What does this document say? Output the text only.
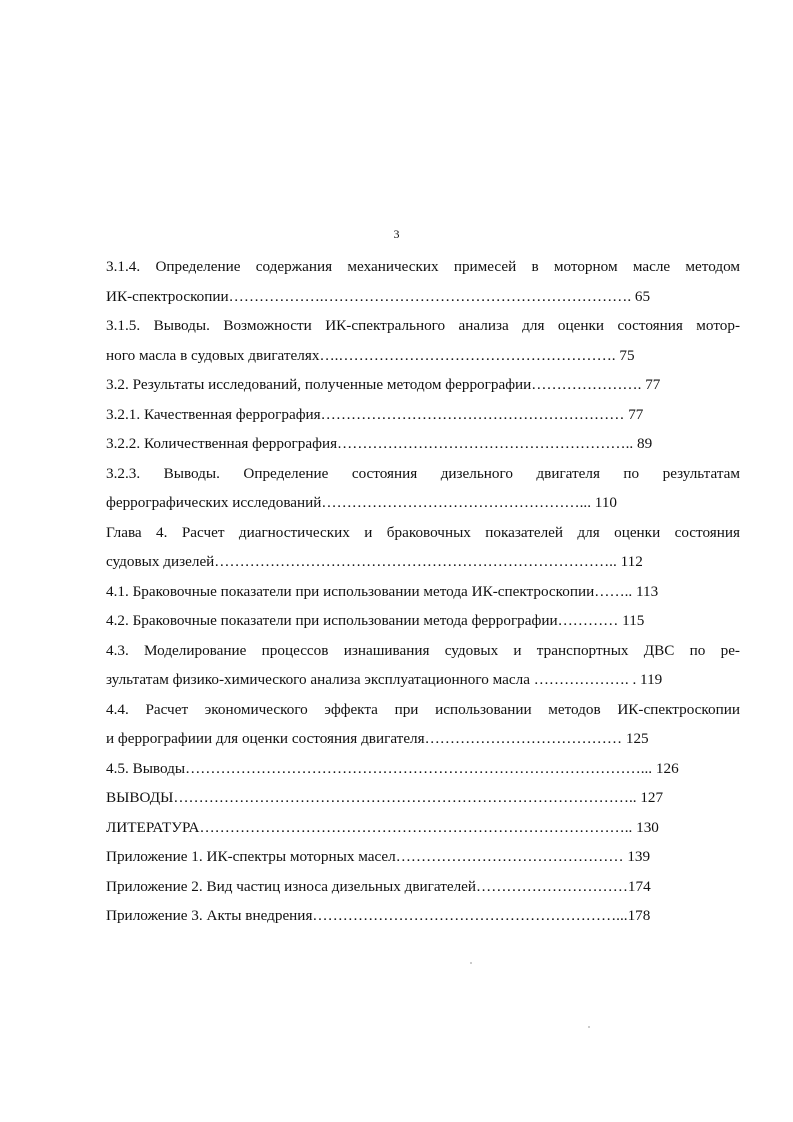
3
3.1.4. Определение содержания механических примесей в моторном масле методом
ИК-спектроскопии……………….……………………………………………………. 65
3.1.5. Выводы. Возможности ИК-спектрального анализа для оценки состояния мотор-
ного масла в судовых двигателях….………………………………………………. 75
3.2. Результаты исследований, полученные методом феррографии…………………. 77
3.2.1. Качественная феррография…………………………………………………… 77
3.2.2. Количественная феррография………………………………………………….. 89
3.2.3. Выводы. Определение состояния дизельного двигателя по результатам
феррографических исследований……………………………………………... 110
Глава 4. Расчет диагностических и браковочных показателей для оценки состояния
судовых дизелей…………………………………………………………………….. 112
4.1. Браковочные показатели при использовании метода ИК-спектроскопии…….. 113
4.2. Браковочные показатели при использовании метода феррографии………… 115
4.3. Моделирование процессов изнашивания судовых и транспортных ДВС по ре-
зультатам физико-химического анализа эксплуатационного масла ………………. . 119
4.4. Расчет экономического эффекта при использовании методов ИК-спектроскопии
и феррографиии для оценки состояния двигателя………………………………… 125
4.5. Выводы………………………………………………………………………………... 126
ВЫВОДЫ……………………………………………………………………………….. 127
ЛИТЕРАТУРА………………………………………………………………………….. 130
Приложение 1. ИК-спектры моторных масел……………………………………… 139
Приложение 2. Вид частиц износа дизельных двигателей…………………………174
Приложение 3. Акты внедрения……………………………………………………...178
